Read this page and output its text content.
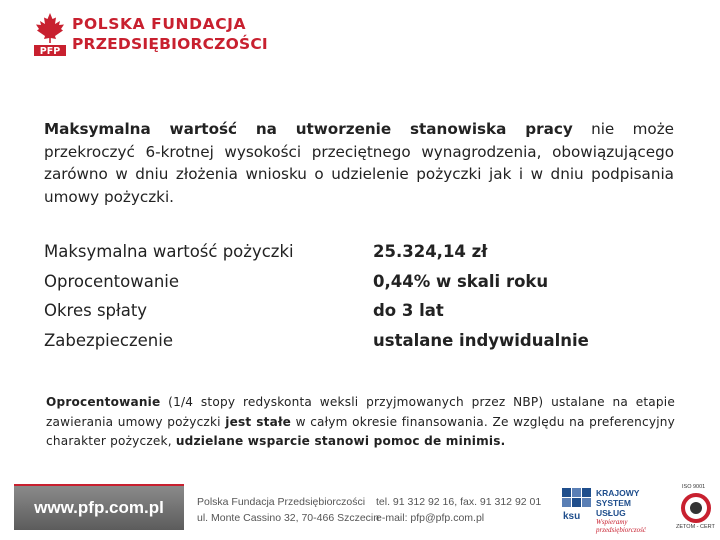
PFP
POLSKA FUNDACJA
PRZEDSIĘBIORCZOŚCI

Maksymalna wartość na utworzenie stanowiska pracy nie może przekroczyć 6-krotnej wysokości przeciętnego wynagrodzenia, obowiązującego zarówno w dniu złożenia wniosku o udzielenie pożyczki jak i w dniu podpisania umowy pożyczki.

Maksymalna wartość pożyczki	25.324,14 zł
Oprocentowanie	0,44% w skali roku
Okres spłaty	do 3 lat
Zabezpieczenie	ustalane indywidualnie

Oprocentowanie (1/4 stopy redyskonta weksli przyjmowanych przez NBP) ustalane na etapie zawierania umowy pożyczki jest stałe w całym okresie finansowania. Ze względu na preferencyjny charakter pożyczek, udzielane wsparcie stanowi pomoc de minimis.

www.pfp.com.pl	Polska Fundacja Przedsiębiorczości
ul. Monte Cassino 32, 70-466 Szczecin
tel. 91 312 92 16, fax. 91 312 92 01
e-mail: pfp@pfp.com.pl	ksu
KRAJOWY
SYSTEM
USŁUG
Wspieramy przedsiębiorczość
ISO 9001
ZETOM - CERT
